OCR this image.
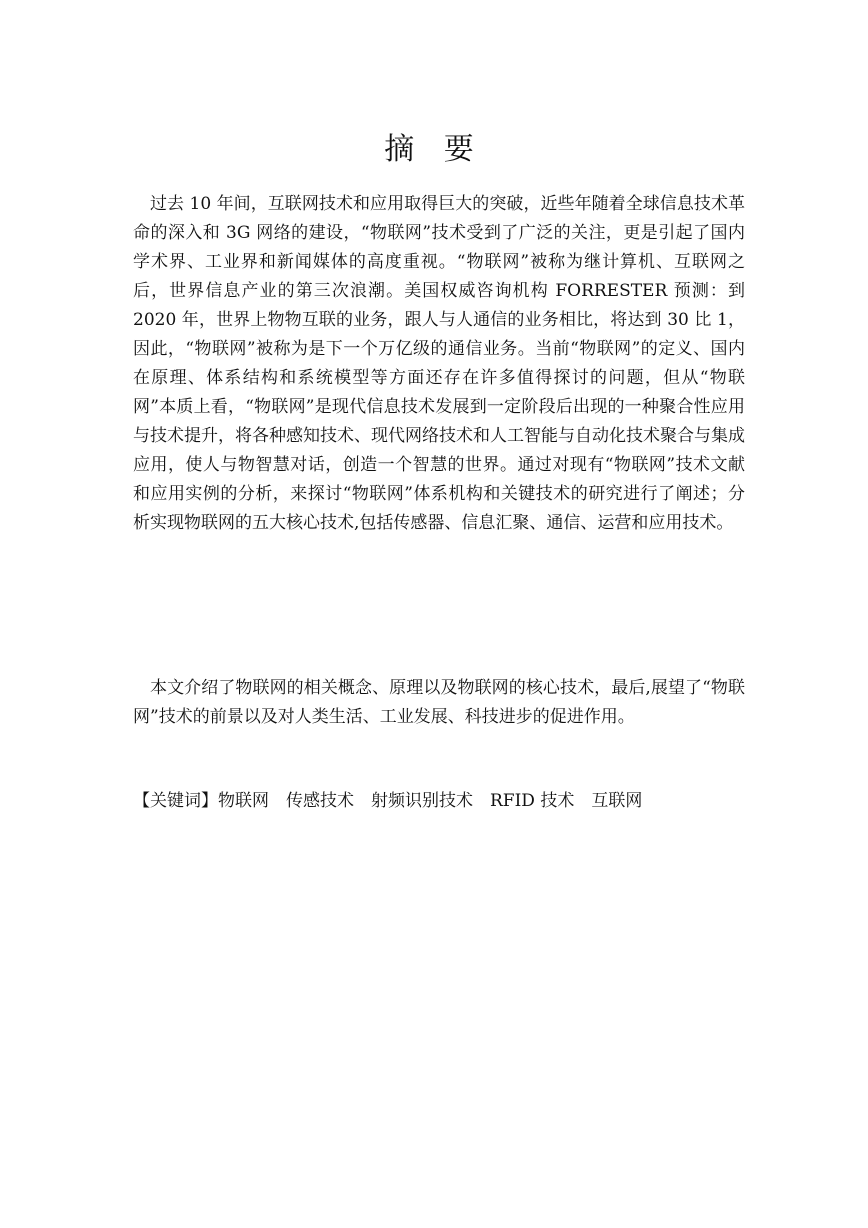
摘 要

过去 10 年间，互联网技术和应用取得巨大的突破，近些年随着全球信息技术革命的深入和 3G 网络的建设，“物联网”技术受到了广泛的关注，更是引起了国内学术界、工业界和新闻媒体的高度重视。“物联网”被称为继计算机、互联网之后，世界信息产业的第三次浪潮。美国权威咨询机构 FORRESTER 预测：到 2020 年，世界上物物互联的业务，跟人与人通信的业务相比，将达到 30 比 1，因此，“物联网”被称为是下一个万亿级的通信业务。当前“物联网”的定义、国内在原理、体系结构和系统模型等方面还存在许多值得探讨的问题，但从“物联网”本质上看，“物联网”是现代信息技术发展到一定阶段后出现的一种聚合性应用与技术提升，将各种感知技术、现代网络技术和人工智能与自动化技术聚合与集成应用，使人与物智慧对话，创造一个智慧的世界。通过对现有“物联网”技术文献和应用实例的分析，来探讨“物联网”体系机构和关键技术的研究进行了阐述；分析实现物联网的五大核心技术,包括传感器、信息汇聚、通信、运营和应用技术。

本文介绍了物联网的相关概念、原理以及物联网的核心技术，最后,展望了“物联网”技术的前景以及对人类生活、工业发展、科技进步的促进作用。

【关键词】物联网 传感技术 射频识别技术 RFID 技术 互联网
